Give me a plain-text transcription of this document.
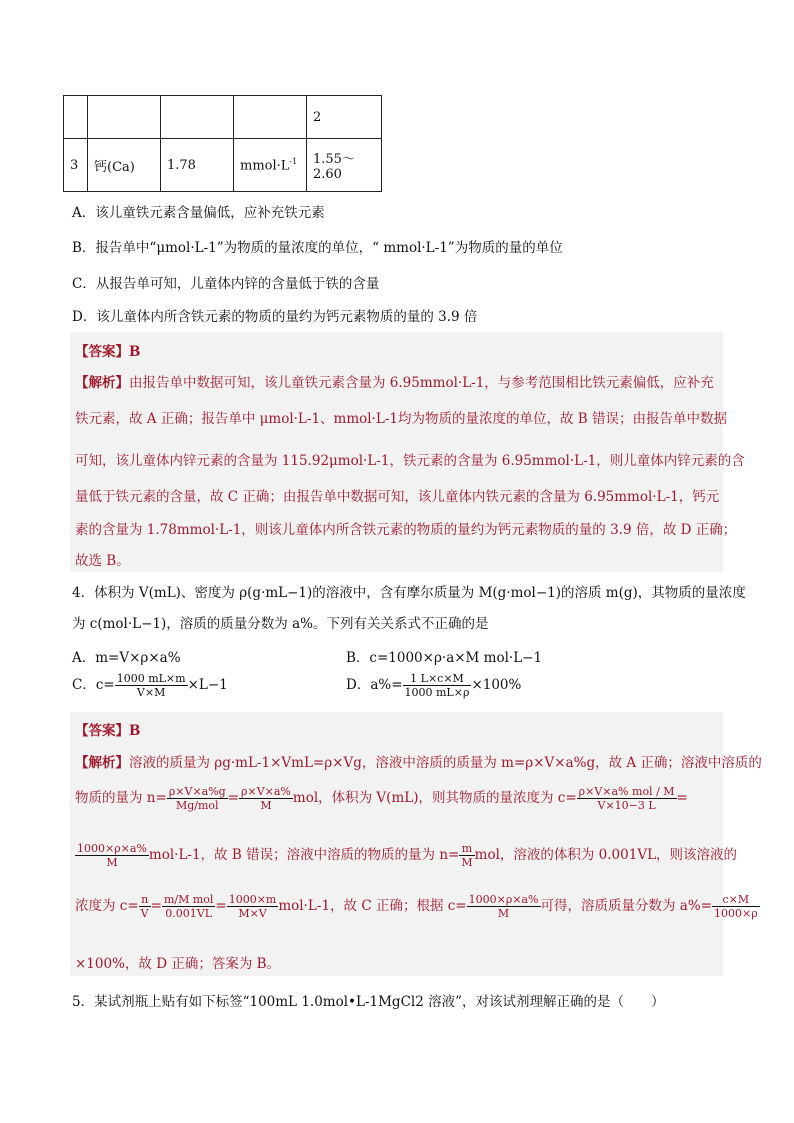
				2
3	钙(Ca)	1.78	$mmol\cdot L^{-1}$	1.55～2.60
A．该儿童铁元素含量偏低，应补充铁元素
B．报告单中“μmol·L-1”为物质的量浓度的单位，“ mmol·L-1”为物质的量的单位
C．从报告单可知，儿童体内锌的含量低于铁的含量
D．该儿童体内所含铁元素的物质的量约为钙元素物质的量的 3.9 倍
【答案】B
【解析】由报告单中数据可知，该儿童铁元素含量为 6.95mmol·L-1，与参考范围相比铁元素偏低，应补充
铁元素，故 A 正确；报告单中 μmol·L-1、mmol·L-1均为物质的量浓度的单位，故 B 错误；由报告单中数据
可知，该儿童体内锌元素的含量为 115.92μmol·L-1，铁元素的含量为 6.95mmol·L-1，则儿童体内锌元素的含
量低于铁元素的含量，故 C 正确；由报告单中数据可知，该儿童体内铁元素的含量为 6.95mmol·L-1，钙元
素的含量为 1.78mmol·L-1，则该儿童体内所含铁元素的物质的量约为钙元素物质的量的 3.9 倍，故 D 正确；
故选 B。
4．体积为 V(mL)、密度为 ρ(g·mL−1)的溶液中，含有摩尔质量为 M(g·mol−1)的溶质 m(g)，其物质的量浓度
为 c(mol·L−1)，溶质的质量分数为 a%。下列有关关系式不正确的是
A．m=V×ρ×a%	B．c=1000×ρ·a×M mol·L−1
C．$c= \frac{1000 mL\times m}{V\times M} \times L-1$	D．$a\%= \frac{1 L\times c\times M}{1000 mL\times\rho} \times 100\%$
【答案】B
【解析】溶液的质量为 ρg·mL-1×VmL=ρ×Vg，溶液中溶质的质量为 m=ρ×V×a%g，故 A 正确；溶液中溶质的
物质的量为 $n= \frac{\rho\times V\times a\%g}{\text{Mg/mol}} = \frac{\rho\times V\times a\%}{M}$ mol，体积为 V(mL)，则其物质的量浓度为 $c= \frac{\text{ρ×V×a\% mol / M}}{V\times 10-3 L}$ =
$\frac{1000\times\rho\times a\%}{M} mol\cdot L-1$，故 B 错误；溶液中溶质的物质的量为 $n= \frac{m}{M}$ mol，溶液的体积为 0.001VL，则该溶液的
浓度为 $c= \frac{n}{V} = \frac{\text{m/M mol}}{0.001VL} = \frac{1000\times m}{M\times V} mol\cdot L-1$，故 C 正确；根据 $c= \frac{1000\times\rho\times a\%}{M}$ 可得，溶质质量分数为 $a\%= \frac{c\times M}{1000\times\rho}$
×100%，故 D 正确；答案为 B。
5．某试剂瓶上贴有如下标签“100mL 1.0mol•L-1MgCl2 溶液”，对该试剂理解正确的是（　　）
